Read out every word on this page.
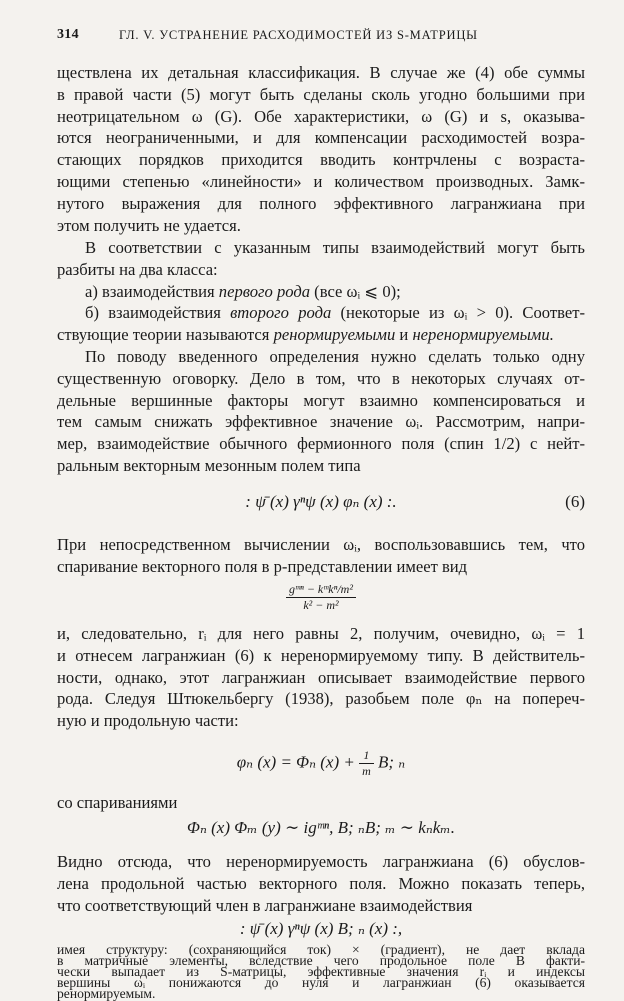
314	ГЛ. V. УСТРАНЕНИЕ РАСХОДИМОСТЕЙ ИЗ S-МАТРИЦЫ
ществлена их детальная классификация. В случае же (4) обе суммы
в правой части (5) могут быть сделаны сколь угодно большими при
неотрицательном ω (G). Обе характеристики, ω (G) и s, оказыва-
ются неограниченными, и для компенсации расходимостей возра-
стающих порядков приходится вводить контрчлены с возраста-
ющими степенью «линейности» и количеством производных. Замк-
нутого выражения для полного эффективного лагранжиана при
этом получить не удается.
В соответствии с указанным типы взаимодействий могут быть
разбиты на два класса:
а) взаимодействия первого рода (все ωᵢ ⩽ 0);
б) взаимодействия второго рода (некоторые из ωᵢ > 0). Соответ-
ствующие теории называются ренормируемыми и неренормируемыми.
По поводу введенного определения нужно сделать только одну
существенную оговорку. Дело в том, что в некоторых случаях от-
дельные вершинные факторы могут взаимно компенсироваться и
тем самым снижать эффективное значение ωᵢ. Рассмотрим, напри-
мер, взаимодействие обычного фермионного поля (спин 1/2) с нейт-
ральным векторным мезонным полем типа
: ψ̄ (x) γⁿψ (x) φₙ (x) :.	(6)
При непосредственном вычислении ωᵢ, воспользовавшись тем, что
спаривание векторного поля в p-представлении имеет вид
$\frac{\text{gᵐⁿ − kᵐkⁿ/m²}}{\text{k² − m²}}$
и, следовательно, rᵢ для него равны 2, получим, очевидно, ωᵢ = 1
и отнесем лагранжиан (6) к неренормируемому типу. В действитель-
ности, однако, этот лагранжиан описывает взаимодействие первого
рода. Следуя Штюкельбергу (1938), разобьем поле φₙ на попереч-
ную и продольную части:
φₙ (x) = Φₙ $(x) + \frac{1}{m} B$; ₙ
со спариваниями
Φₙ (x) Φₘ (y) ∼ igᵐⁿ, B; ₙB; ₘ ∼ kₙkₘ.
Видно отсюда, что неренормируемость лагранжиана (6) обуслов-
лена продольной частью векторного поля. Можно показать теперь,
что соответствующий член в лагранжиане взаимодействия
: ψ̄ (x) γⁿψ (x) B; ₙ (x) :,
имея структуру: (сохраняющийся ток) × (градиент), не дает вклада
в матричные элементы, вследствие чего продольное поле B факти-
чески выпадает из S-матрицы, эффективные значения rᵢ и индексы
вершины ωᵢ понижаются до нуля и лагранжиан (6) оказывается
ренормируемым.
